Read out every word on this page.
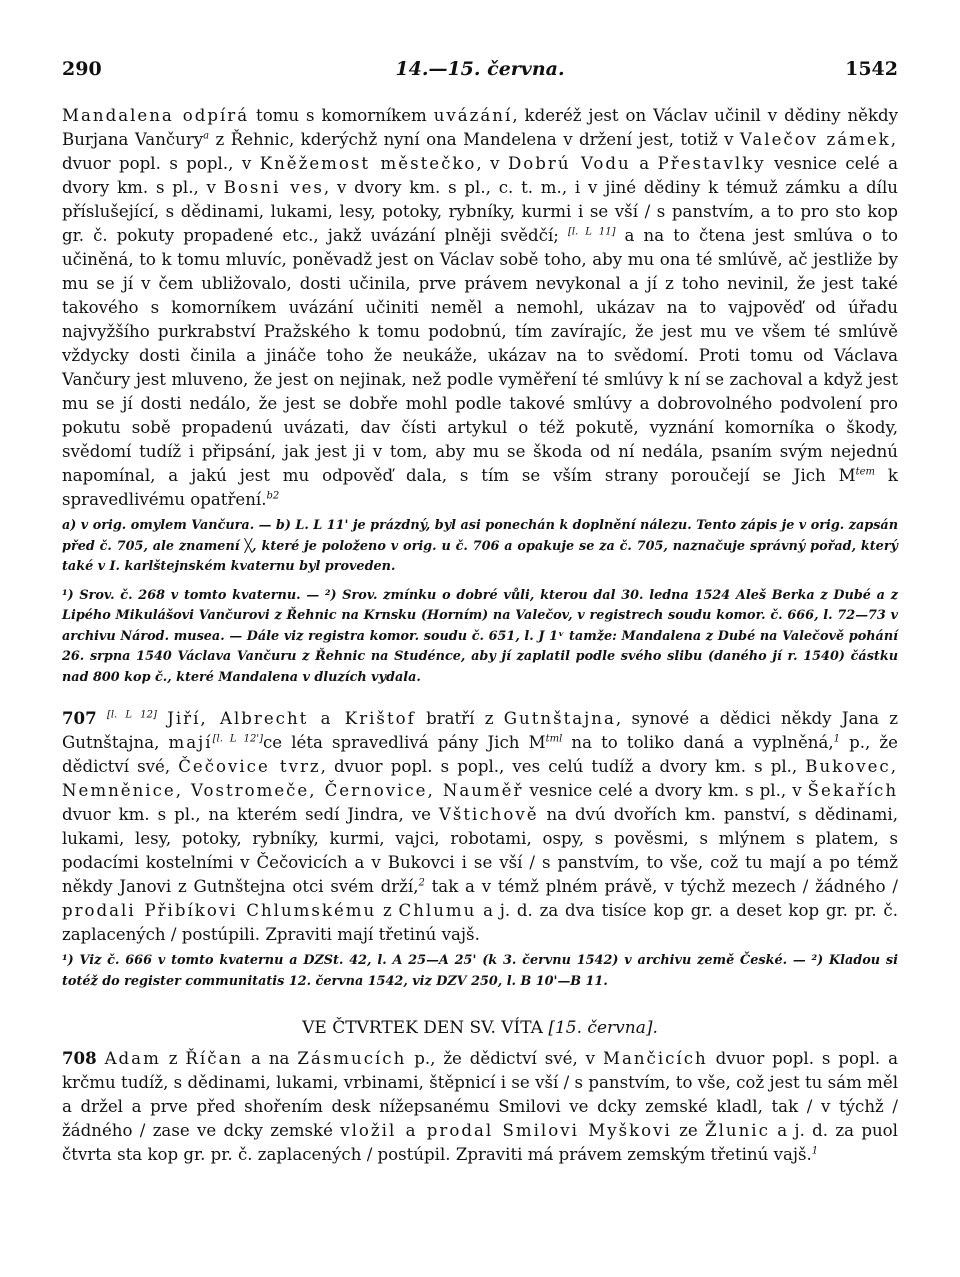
290	14.—15. června.	1542

Mandalena odpírá tomu s komorníkem uvázání, kderéž jest on Václav učinil v dědiny někdy Burjana Vančury$^a$ z Řehnic, kderýchž nyní ona Mandelena v držení jest, totiž v Valečov zámek, dvuor popl. s popl., v Kněžemost městečko, v Dobrú Vodu a Přestavlky vesnice celé a dvory km. s pl., v Bosni ves, v dvory km. s pl., c. t. m., i v jiné dědiny k témuž zámku a dílu příslušející, s dědinami, lukami, lesy, potoky, rybníky, kurmi i se vší / s panstvím, a to pro sto kop gr. č. pokuty propadené etc., jakž uvázání plněji svědčí; [l. L 11] a na to čtena jest smlúva o to učiněná, to k tomu mluvíc, poněvadž jest on Václav sobě toho, aby mu ona té smlúvě, ač jestliže by mu se jí v čem ubližovalo, dosti učinila, prve právem nevykonal a jí z toho nevinil, že jest také takového s komorníkem uvázání učiniti neměl a nemohl, ukázav na to vajpověď od úřadu najvyžšího purkrabství Pražského k tomu podobnú, tím zavírajíc, že jest mu ve všem té smlúvě vždycky dosti činila a jináče toho že neukáže, ukázav na to svědomí. Proti tomu od Václava Vančury jest mluveno, že jest on nejinak, než podle vyměření té smlúvy k ní se zachoval a když jest mu se jí dosti nedálo, že jest se dobře mohl podle takové smlúvy a dobrovolného podvolení pro pokutu sobě propadenú uvázati, dav čísti artykul o též pokutě, vyznání komorníka o škody, svědomí tudíž i připsání, jak jest ji v tom, aby mu se škoda od ní nedála, psaním svým nejednú napomínal, a jakú jest mu odpověď dala, s tím se vším strany poroučejí se Jich $M^{tem}$ k spravedlivému opatření.$^{b2}$

a) v orig. omylem Vančura. — b) L. L 11' je prázdný, byl asi ponechán k doplnění nálezu. Tento zápis je v orig. zapsán před č. 705, ale znamení ╳, které je položeno v orig. u č. 706 a opakuje se za č. 705, naznačuje správný pořad, který také v I. karlštejnském kvaternu byl proveden.

¹) Srov. č. 268 v tomto kvaternu. — ²) Srov. zmínku o dobré vůli, kterou dal 30. ledna 1524 Aleš Berka z Dubé a z Lipého Mikulášovi Vančurovi z Řehnic na Krnsku (Horním) na Valečov, v registrech soudu komor. č. 666, l. 72—73 v archivu Národ. musea. — Dále viz registra komor. soudu č. 651, l. J 1ᵛ tamže: Mandalena z Dubé na Valečově pohání 26. srpna 1540 Václava Vančuru z Řehnic na Studénce, aby jí zaplatil podle svého slibu (daného jí r. 1540) částku nad 800 kop č., které Mandalena v dluzích vydala.

707 [l. L 12] Jiří, Albrecht a Krištof bratří z Gutnštajna, synové a dědici někdy Jana z Gutnštajna, mají[l. L 12']ce léta spravedlivá pány Jich $M^{tml}$ na to toliko daná a vyplněná,$^1$ p., že dědictví své, Čečovice tvrz, dvuor popl. s popl., ves celú tudíž a dvory km. s pl., Bukovec, Nemněnice, Vostromeče, Černovice, Nauměř vesnice celé a dvory km. s pl., v Šekařích dvuor km. s pl., na kterém sedí Jindra, ve Vštichově na dvú dvořích km. panství, s dědinami, lukami, lesy, potoky, rybníky, kurmi, vajci, robotami, ospy, s pověsmi, s mlýnem s platem, s podacími kostelními v Čečovicích a v Bukovci i se vší / s panstvím, to vše, což tu mají a po témž někdy Janovi z Gutnštejna otci svém drží,$^2$ tak a v témž plném právě, v týchž mezech / žádného / prodali Přibíkovi Chlumskému z Chlumu a j. d. za dva tisíce kop gr. a deset kop gr. pr. č. zaplacených / postúpili. Zpraviti mají třetinú vajš.

¹) Viz č. 666 v tomto kvaternu a DZSt. 42, l. A 25—A 25' (k 3. červnu 1542) v archivu země České. — ²) Kladou si totéž do register communitatis 12. června 1542, viz DZV 250, l. B 10'—B 11.

VE ČTVRTEK DEN SV. VÍTA [15. června].

708 Adam z Říčan a na Zásmucích p., že dědictví své, v Mančicích dvuor popl. s popl. a krčmu tudíž, s dědinami, lukami, vrbinami, štěpnicí i se vší / s panstvím, to vše, což jest tu sám měl a držel a prve před shořením desk nížepsanému Smilovi ve dcky zemské kladl, tak / v týchž / žádného / zase ve dcky zemské vložil a prodal Smilovi Myškovi ze Žlunic a j. d. za puol čtvrta sta kop gr. pr. č. zaplacených / postúpil. Zpraviti má právem zemským třetinú vajš.$^1$
